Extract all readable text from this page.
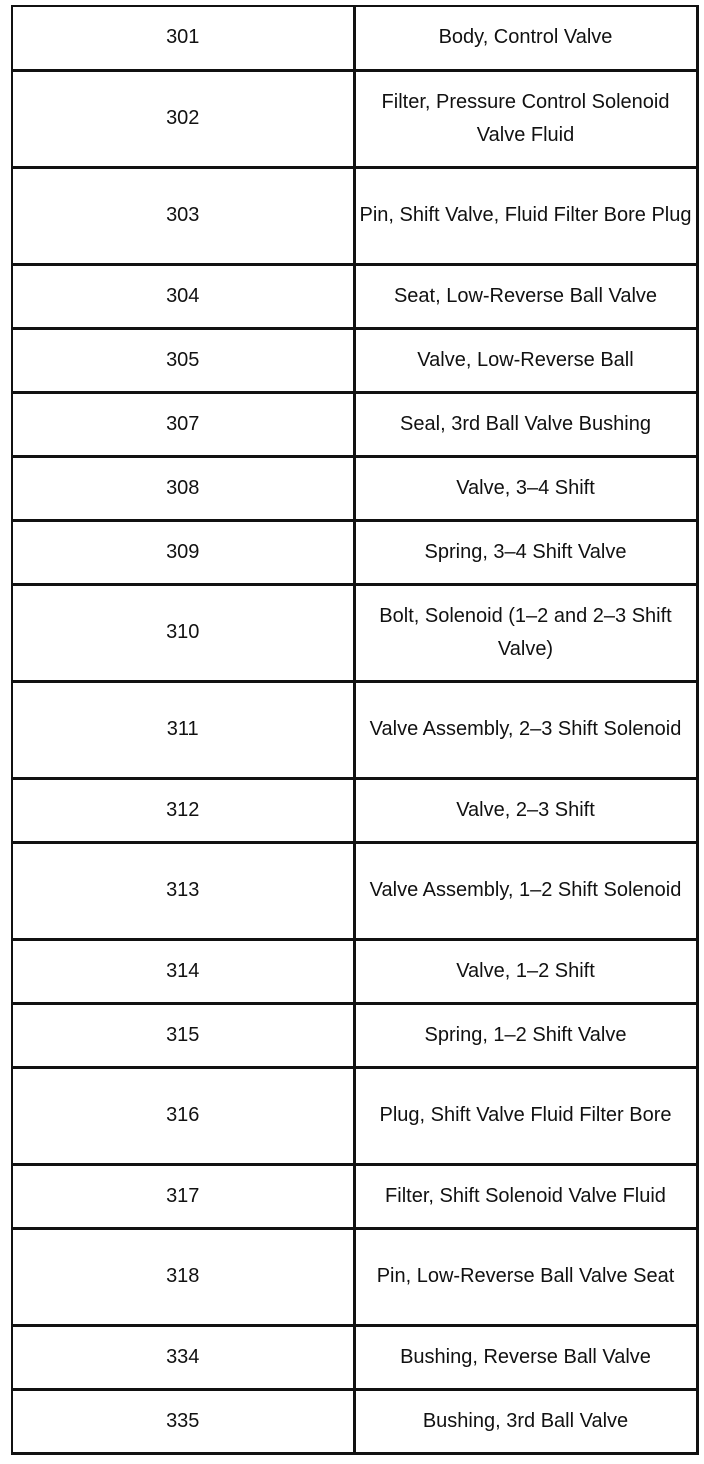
301	Body, Control Valve
302	Filter, Pressure Control Solenoid Valve Fluid
303	Pin, Shift Valve, Fluid Filter Bore Plug
304	Seat, Low-Reverse Ball Valve
305	Valve, Low-Reverse Ball
307	Seal, 3rd Ball Valve Bushing
308	Valve, 3–4 Shift
309	Spring, 3–4 Shift Valve
310	Bolt, Solenoid (1–2 and 2–3 Shift Valve)
311	Valve Assembly, 2–3 Shift Solenoid
312	Valve, 2–3 Shift
313	Valve Assembly, 1–2 Shift Solenoid
314	Valve, 1–2 Shift
315	Spring, 1–2 Shift Valve
316	Plug, Shift Valve Fluid Filter Bore
317	Filter, Shift Solenoid Valve Fluid
318	Pin, Low-Reverse Ball Valve Seat
334	Bushing, Reverse Ball Valve
335	Bushing, 3rd Ball Valve
